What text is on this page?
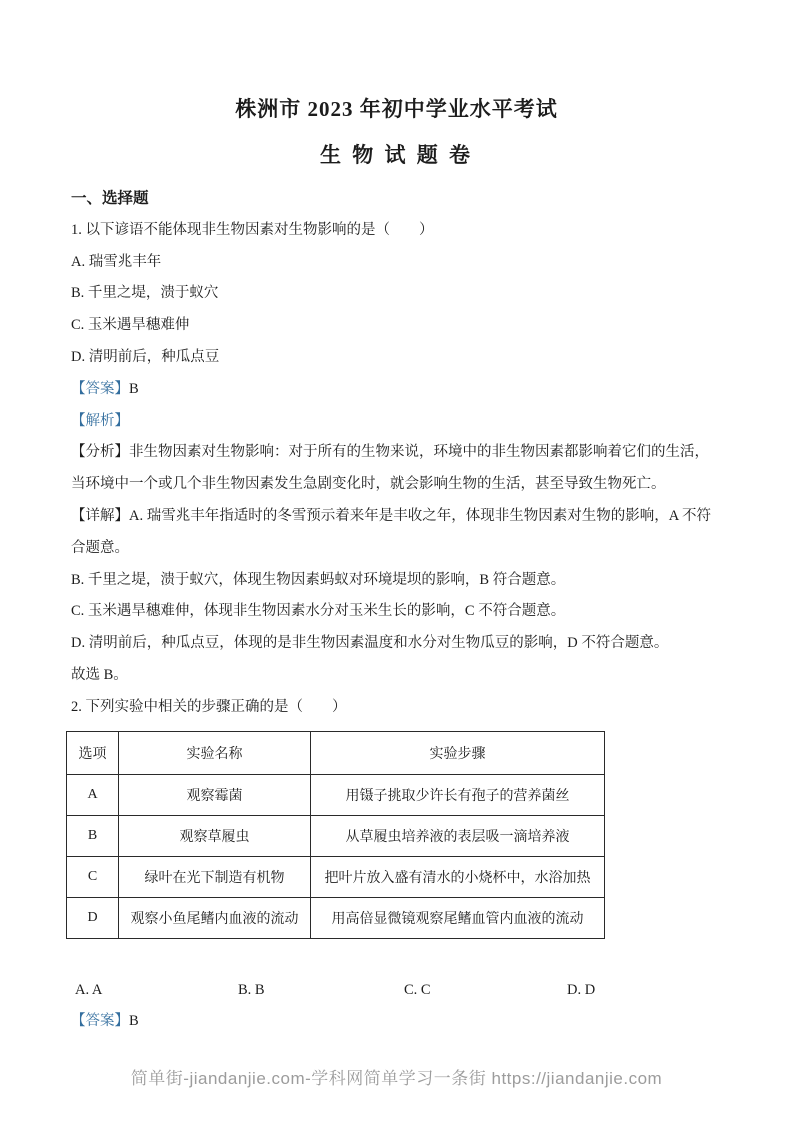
株洲市 2023 年初中学业水平考试
生 物 试 题 卷

一、选择题

1. 以下谚语不能体现非生物因素对生物影响的是（　　）

A. 瑞雪兆丰年

B. 千里之堤，溃于蚁穴

C. 玉米遇旱穗难伸

D. 清明前后，种瓜点豆

【答案】B

【解析】

【分析】非生物因素对生物影响：对于所有的生物来说，环境中的非生物因素都影响着它们的生活，当环境中一个或几个非生物因素发生急剧变化时，就会影响生物的生活，甚至导致生物死亡。

【详解】A. 瑞雪兆丰年指适时的冬雪预示着来年是丰收之年，体现非生物因素对生物的影响，A 不符合题意。

B. 千里之堤，溃于蚁穴，体现生物因素蚂蚁对环境堤坝的影响，B 符合题意。

C. 玉米遇旱穗难伸，体现非生物因素水分对玉米生长的影响，C 不符合题意。

D. 清明前后，种瓜点豆，体现的是非生物因素温度和水分对生物瓜豆的影响，D 不符合题意。

故选 B。

2. 下列实验中相关的步骤正确的是（　　）

选项	实验名称	实验步骤
A	观察霉菌	用镊子挑取少许长有孢子的营养菌丝
B	观察草履虫	从草履虫培养液的表层吸一滴培养液
C	绿叶在光下制造有机物	把叶片放入盛有清水的小烧杯中，水浴加热
D	观察小鱼尾鳍内血液的流动	用高倍显微镜观察尾鳍血管内血液的流动
A. A	B. B	C. C	D. D

【答案】B

简单街-jiandanjie.com-学科网简单学习一条街 https://jiandanjie.com
